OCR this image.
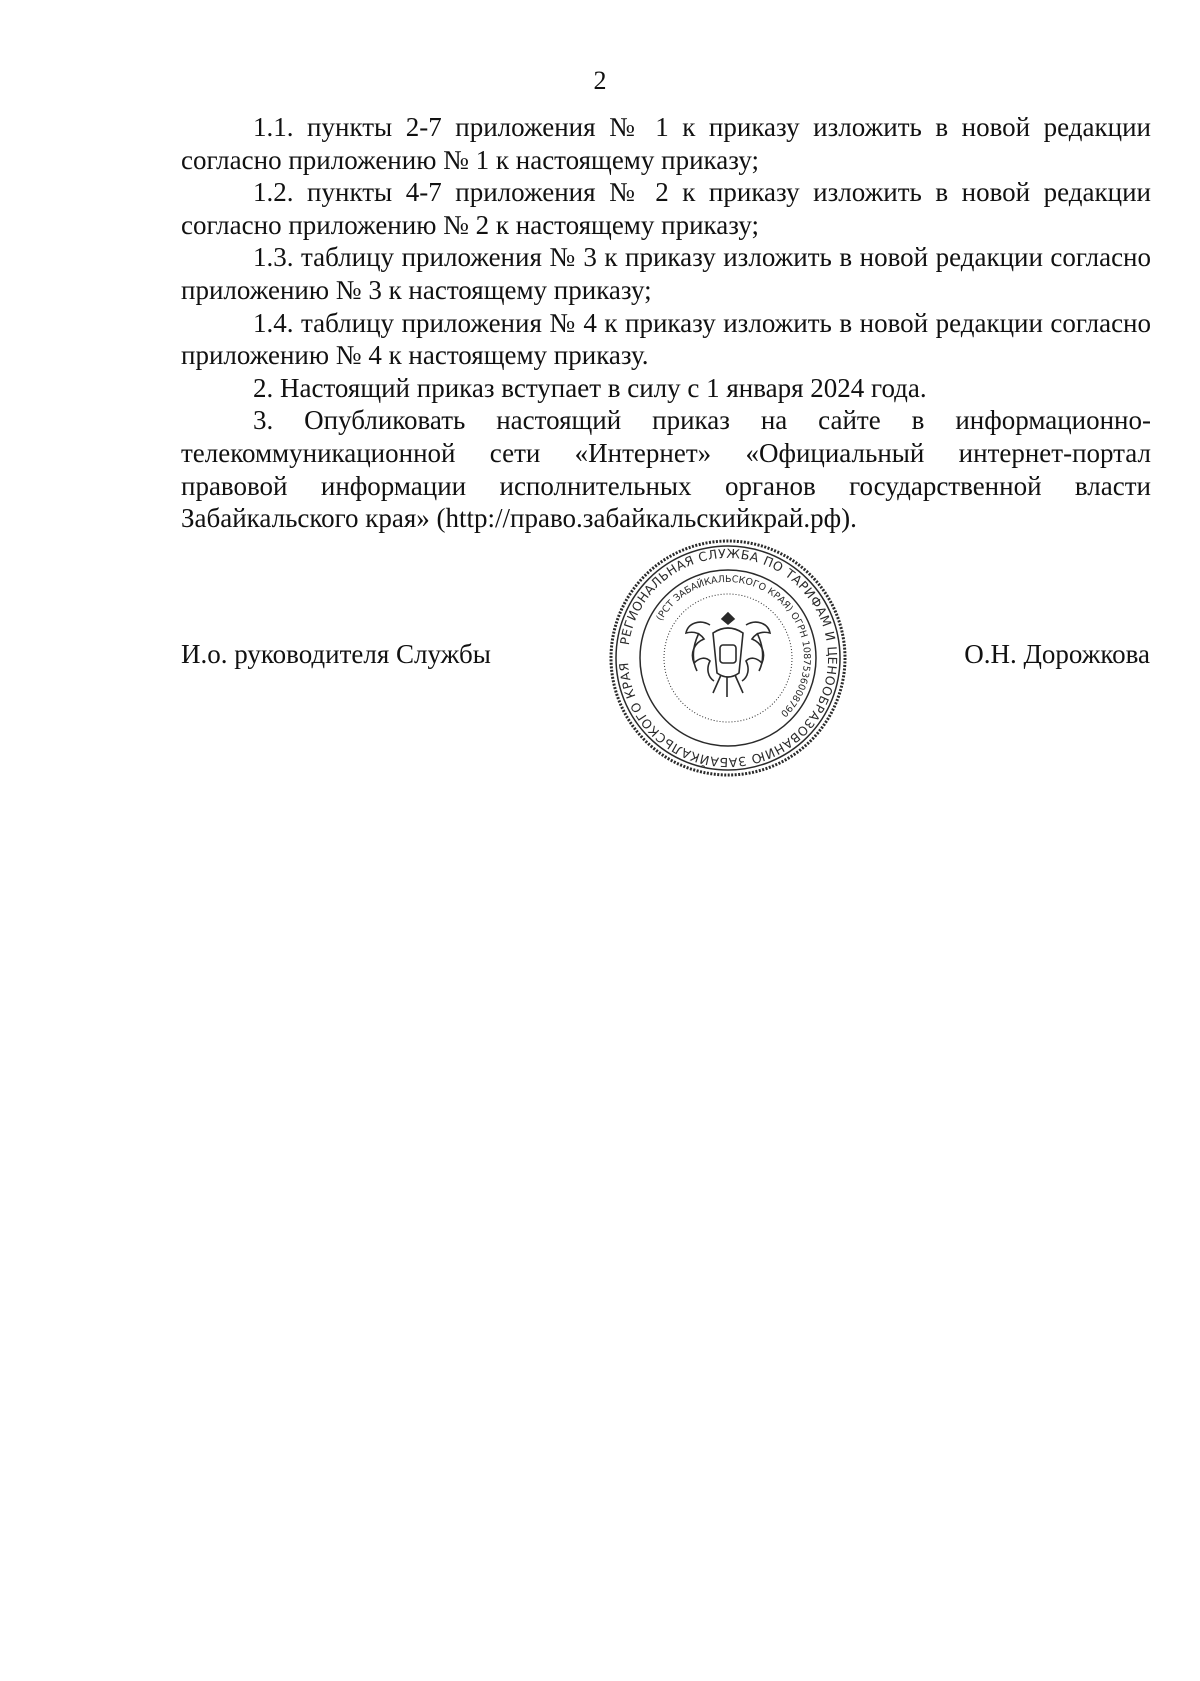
2

1.1. пункты 2-7 приложения № 1 к приказу изложить в новой редакции согласно приложению № 1 к настоящему приказу;

1.2. пункты 4-7 приложения № 2 к приказу изложить в новой редакции согласно приложению № 2 к настоящему приказу;

1.3. таблицу приложения № 3 к приказу изложить в новой редакции согласно приложению № 3 к настоящему приказу;

1.4. таблицу приложения № 4 к приказу изложить в новой редакции согласно приложению № 4 к настоящему приказу.

2. Настоящий приказ вступает в силу с 1 января 2024 года.

3. Опубликовать настоящий приказ на сайте в информационно-телекоммуникационной сети «Интернет» «Официальный интернет-портал правовой информации исполнительных органов государственной власти Забайкальского края» (http://право.забайкальскийкрай.рф).

И.о. руководителя Службы	О.Н. Дорожкова
РЕГИОНАЛЬНАЯ СЛУЖБА ПО ТАРИФАМ И ЦЕНООБРАЗОВАНИЮ ЗАБАЙКАЛЬСКОГО КРАЯ
(РСТ ЗАБАЙКАЛЬСКОГО КРАЯ) ОГРН 1087536008790
